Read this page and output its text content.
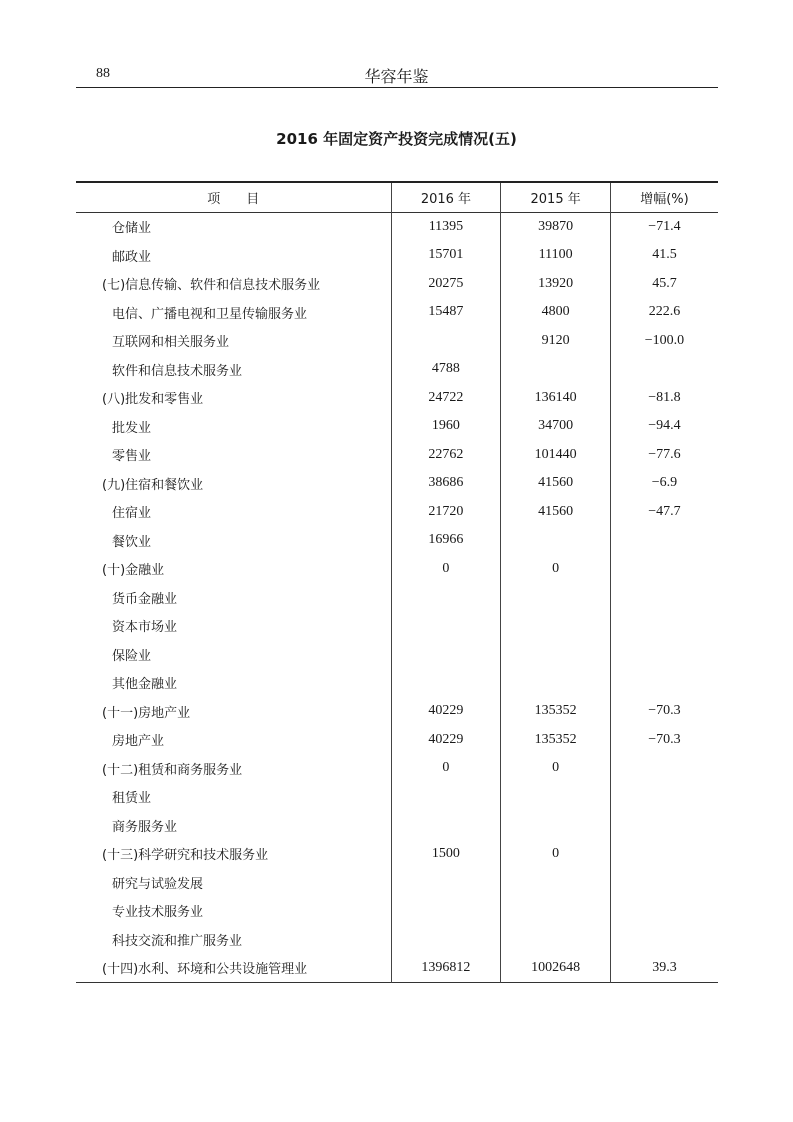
88	华容年鉴
2016 年固定资产投资完成情况(五)
项　　目	2016 年	2015 年	增幅(%)
仓储业	11395	39870	−71.4
邮政业	15701	11100	41.5
(七)信息传输、软件和信息技术服务业	20275	13920	45.7
电信、广播电视和卫星传输服务业	15487	4800	222.6
互联网和相关服务业		9120	−100.0
软件和信息技术服务业	4788		
(八)批发和零售业	24722	136140	−81.8
批发业	1960	34700	−94.4
零售业	22762	101440	−77.6
(九)住宿和餐饮业	38686	41560	−6.9
住宿业	21720	41560	−47.7
餐饮业	16966		
(十)金融业	0	0	
货币金融业			
资本市场业			
保险业			
其他金融业			
(十一)房地产业	40229	135352	−70.3
房地产业	40229	135352	−70.3
(十二)租赁和商务服务业	0	0	
租赁业			
商务服务业			
(十三)科学研究和技术服务业	1500	0	
研究与试验发展			
专业技术服务业			
科技交流和推广服务业			
(十四)水利、环境和公共设施管理业	1396812	1002648	39.3
